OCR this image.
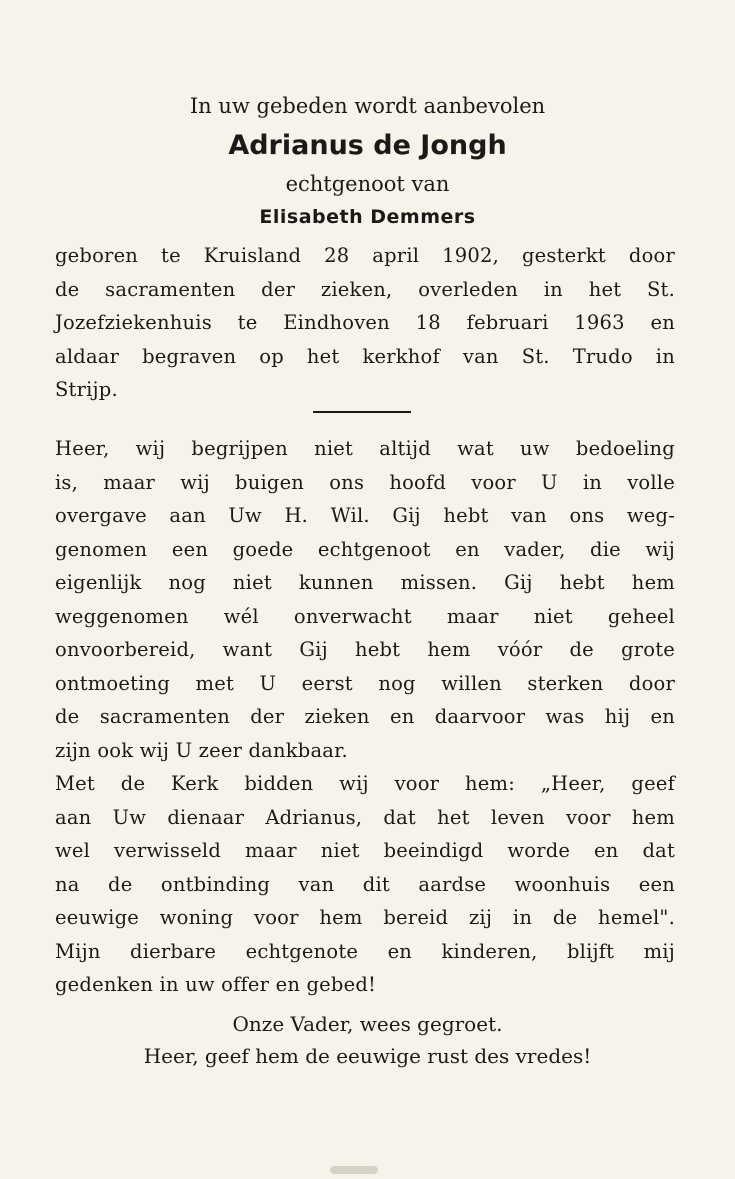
In uw gebeden wordt aanbevolen
Adrianus de Jongh
echtgenoot van
Elisabeth Demmers
geboren te Kruisland 28 april 1902, gesterkt door
de sacramenten der zieken, overleden in het St.
Jozefziekenhuis te Eindhoven 18 februari 1963 en
aldaar begraven op het kerkhof van St. Trudo in
Strijp.
Heer, wij begrijpen niet altijd wat uw bedoeling
is, maar wij buigen ons hoofd voor U in volle
overgave aan Uw H. Wil. Gij hebt van ons weg-
genomen een goede echtgenoot en vader, die wij
eigenlijk nog niet kunnen missen. Gij hebt hem
weggenomen wél onverwacht maar niet geheel
onvoorbereid, want Gij hebt hem vóór de grote
ontmoeting met U eerst nog willen sterken door
de sacramenten der zieken en daarvoor was hij en
zijn ook wij U zeer dankbaar.
Met de Kerk bidden wij voor hem: „Heer, geef
aan Uw dienaar Adrianus, dat het leven voor hem
wel verwisseld maar niet beeindigd worde en dat
na de ontbinding van dit aardse woonhuis een
eeuwige woning voor hem bereid zij in de hemel".
Mijn dierbare echtgenote en kinderen, blijft mij
gedenken in uw offer en gebed!
Onze Vader, wees gegroet.
Heer, geef hem de eeuwige rust des vredes!
